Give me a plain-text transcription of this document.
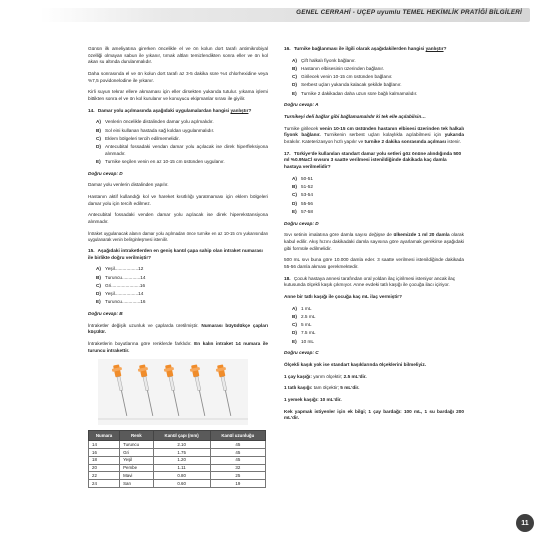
GENEL CERRAHİ - UÇEP uyumlu TEMEL HEKİMLİK PRATİĞİ BİLGİLERİ

Günün ilk ameliyatına girerken öncelikle el ve ön kolun dort tarafı antimikrobiyal özelliği olmayan sabun ile yıkanır, tırnak altları temizlendikten sonra eller ve ön kol akan su altında durulanmalıdır.

Daha sonrasında el ve ön kolun dort tarafı az 3-5 dakika süre %4 chlorhexidine veya %7,5 povidonelodine ile yıkanır.

Kirli suyun tekrar ellere akmaması için eller dirsekten yukarıda tutulur. yıkama işlemi bittikten sonra el ve ön kol kurulanır ve konuyucu ekipmanlar sırası ile giyilir.

14. Damar yolu açılmasında aşağıdaki uygulamalardan hangisi yanlıştır?
A) Venlerin öncelikle distalinden damar yolu açılmalıdır.
B) Sol eini kullanan hastada sağ koldan uygulanmalıdır.
C) Eklem bölgeleri tercih edilmemelidir.
D) Antecubital fossadaki vendan damar yolu açılacak ise direk hiperfleksiyona alınmadır.
E) Turnike seçilen venin en az 10-15 cm üstünden uygulanır.
Doğru cevap: D

Damar yolu venlerin distalinden yapılır.

Hastanın aktif kullandığı kol ve hareket kısıtlılığı yaratmaması için eklem bölgeleri damar yolu için tercih edilmez.

Antecubital fossadaki venden damar yolu açılacak ise direk hiperekstansiyona alınmadır.

İntraket uygulanacak alanın damar yolu açılmadan önce turnike en az 10-15 cm yukarısından uygulanarak venin belirginleşmesi istenilir.

15. Aşağıdaki intraketlerden en geniş kanül çapa sahip olan intraket numarası ile birlikte doğru verilmiştir?
A) Yeşil..................12
B) Turuncu..............14
C) Gri......................16
D) Yeşil..................14
E) Turuncu..............16
Doğru cevap: B

İntraketler değişik uzunluk ve çaplarda üretilmiştir. Numarası büyüdükçe çapları küçülür.

İntraketlerin boyutlarına göre renklerde farklıdır. En kalın intraket 14 numara ile turuncu intrakettir.

Numara	Renk	Kanül çapı (mm)	Kanül uzunluğu
14	Turuncu	2.10	45
16	Gri	1.75	45
18	Yeşil	1.20	45
20	Pembe	1.11	32
22	Mavi	0.80	25
24	Sarı	0.60	19
16. Turnike bağlanması ile ilgili olarak aşağıdakilerden hangisi yanlıştır?
A) Çift halkalı fiyonk bağlanır.
B) Hastanın elbisesinin üzerinden bağlanır.
C) Girilecek venin 10-15 cm üstünden bağlanır.
D) Serbest uçları yukarıda kalacak şekilde bağlanır.
E) Turnike 2 dakikadan daha uzun süre bağlı kalmamalıdır.
Doğru cevap: A

Turnikeyi deli bağlar gibi bağlamamalıdır ki tek elle açılabilsin…

Turnike girilecek venin 10-15 cm üstünden hastanın elbisesi üzerinden tek halkalı fiyonk bağlanır. Turnikenin serbest uçları kolaylıkla açılabilmesi için yukarıda bırakılır. Kateterizasyon hızlı yapılır ve turnike 2 dakika sonrasında açılması istenir.

17. Türkiye'de kullanılan standart damar yolu setleri göz önüne alındığında 500 ml %0.9NaCl sıvısını 3 saatte verilmesi istenildiğinde dakikada kaç damla hastaya verilmelidir?
A) 50-51
B) 51-52
C) 53-54
D) 55-56
E) 57-58
Doğru cevap: D

Sıvı setinin imalatına göre damla sayısı değişse de ülkemizde 1 ml 20 damla olarak kabul edilir. Akış hızını dakikadaki damla sayısına göre ayarlamak gerekirse aşağıdaki gibi formüle edilmelidir.

500 mL sıvı buna göre 10.000 damla eder. 3 saatte verilmesi istenildiğinde dakikada 55-56 damla akması gerekmektedir.

18. Çocuk hastaya annesi tarafından oral yoldan ilaç içirilmesi isteniyor ancak ilaç kutusunda ölçekli kaşık çıkmıyor. Anne evdeki tatlı kaşığı ile çocuğa ilacı içiriyor.
Anne bir tatlı kaşığı ile çocuğa kaç mL ilaç vermiştir?
A) 1 mL
B) 2.5 mL
C) 5 mL
D) 7.5 mL
E) 10 mL
Doğru cevap: C

Ölçekli kaşık yok ise standart kaşıklarında ölçeklerini bilmeliyiz.

1 çay kaşığı: yarım ölçektir; 2.5 mL'dir.

1 tatlı kaşığı: tam ölçektir; 5 mL'dir.

1 yemek kaşığı: 10 mL'dir.

Kek yapmak istiyenler için ek bilgi; 1 çay bardağı: 100 mL, 1 su bardağı 200 mL'dir.

11
